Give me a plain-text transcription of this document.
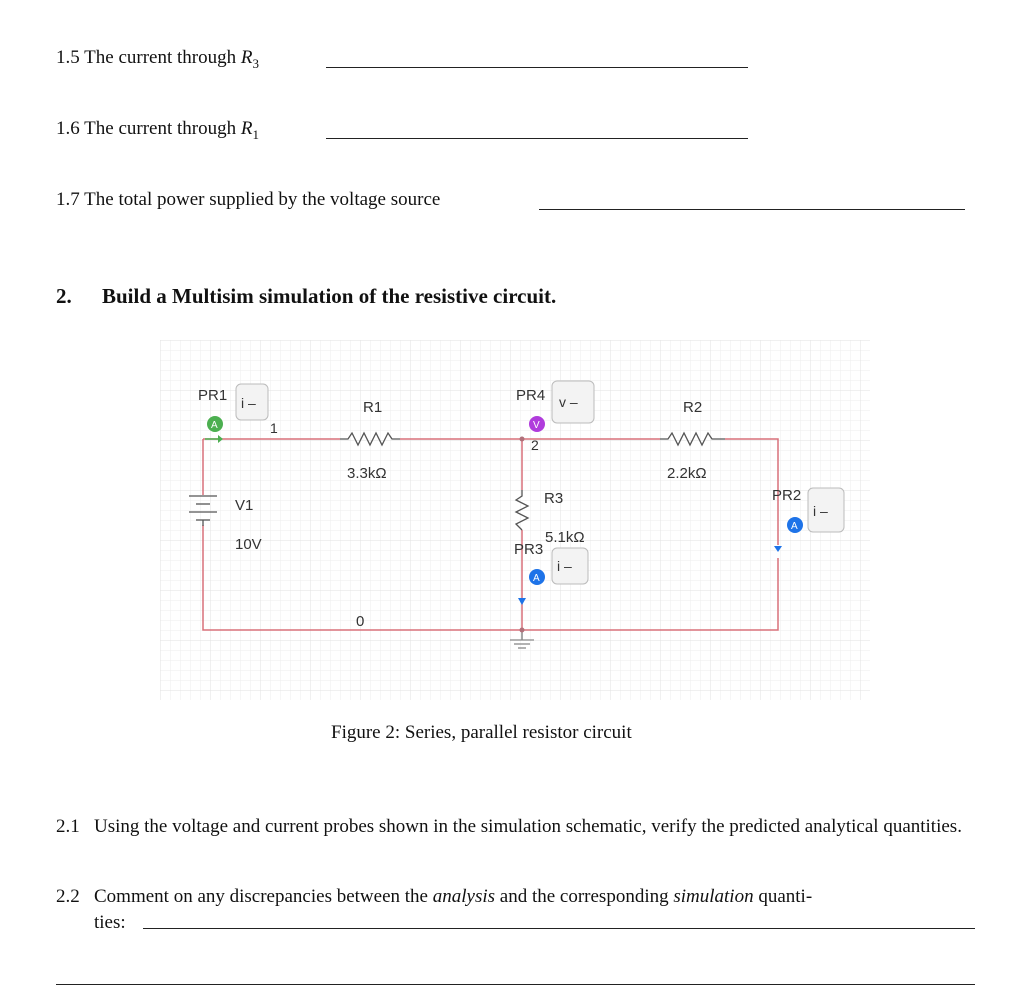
1.5 The current through $R_3$
1.6 The current through $R_1$
1.7 The total power supplied by the voltage source
2. Build a Multisim simulation of the resistive circuit.
R1
3.3kΩ
R2
2.2kΩ
R3
5.1kΩ
V1
10V
0
PR1 i –
A	1
PR4 v –
V
2
PR2
i –
A
PR3
i –
A
Figure 2: Series, parallel resistor circuit
2.1 Using the voltage and current probes shown in the simulation schematic, verify the predicted analytical quantities.
2.2 Comment on any discrepancies between the analysis and the corresponding simulation quanti-
ties:
